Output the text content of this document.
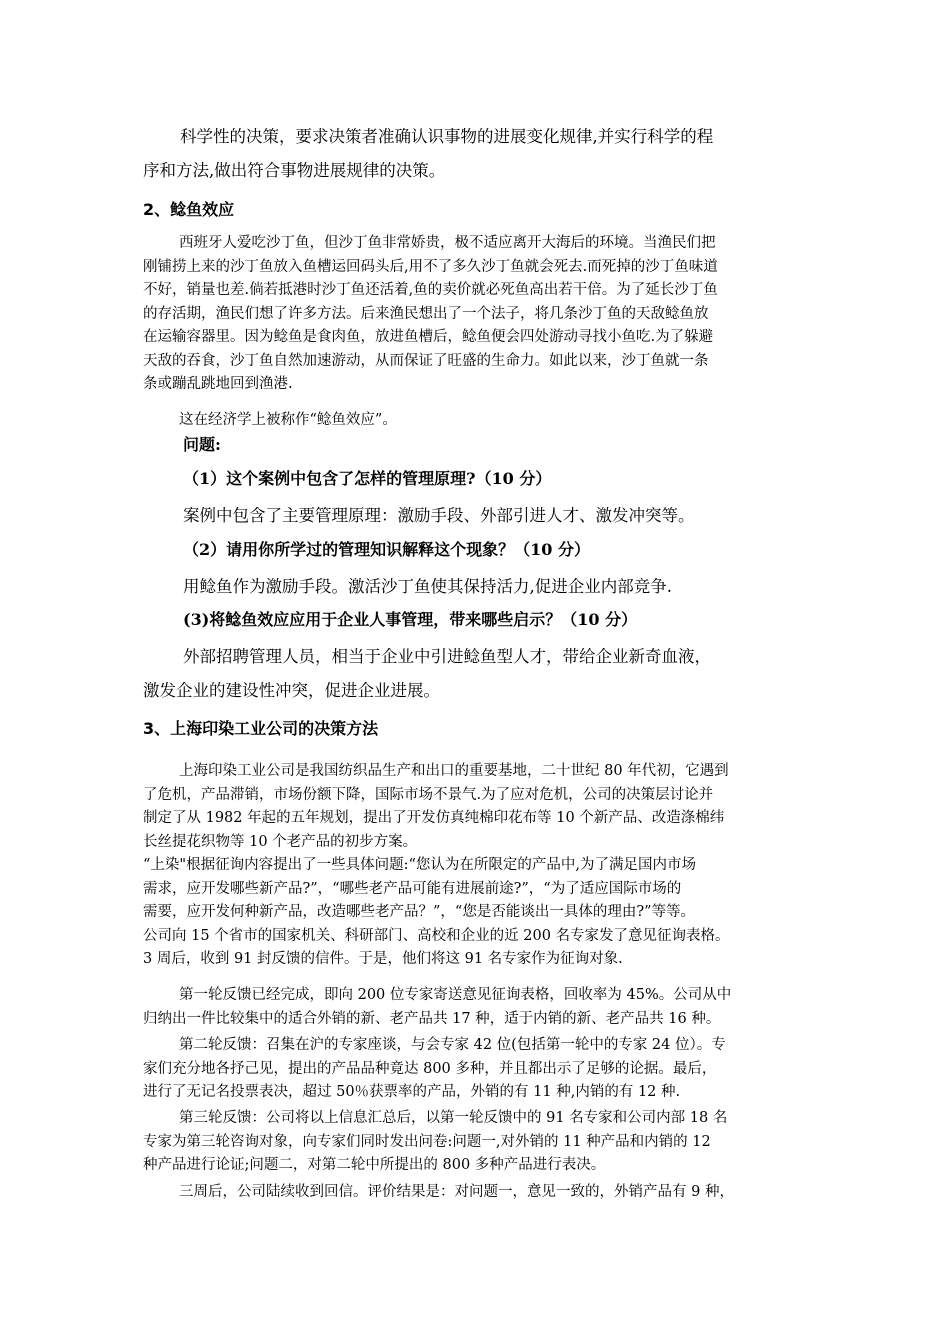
科学性的决策，要求决策者准确认识事物的进展变化规律,并实行科学的程
序和方法,做出符合事物进展规律的决策。
2、鲶鱼效应
西班牙人爱吃沙丁鱼，但沙丁鱼非常娇贵，极不适应离开大海后的环境。当渔民们把
刚铺捞上来的沙丁鱼放入鱼槽运回码头后,用不了多久沙丁鱼就会死去.而死掉的沙丁鱼味道
不好，销量也差.倘若抵港时沙丁鱼还活着,鱼的卖价就必死鱼高出若干倍。为了延长沙丁鱼
的存活期，渔民们想了许多方法。后来渔民想出了一个法子，将几条沙丁鱼的天敌鲶鱼放
在运输容器里。因为鲶鱼是食肉鱼，放进鱼槽后，鲶鱼便会四处游动寻找小鱼吃.为了躲避
天敌的吞食，沙丁鱼自然加速游动，从而保证了旺盛的生命力。如此以来，沙丁鱼就一条
条或蹦乱跳地回到渔港.
这在经济学上被称作“鲶鱼效应”。
问题:
（1）这个案例中包含了怎样的管理原理?（10 分）
案例中包含了主要管理原理：激励手段、外部引进人才、激发冲突等。
（2）请用你所学过的管理知识解释这个现象？（10 分）
用鲶鱼作为激励手段。激活沙丁鱼使其保持活力,促进企业内部竞争.
(3)将鲶鱼效应应用于企业人事管理，带来哪些启示？（10 分）
外部招聘管理人员，相当于企业中引进鲶鱼型人才，带给企业新奇血液，
激发企业的建设性冲突，促进企业进展。
3、上海印染工业公司的决策方法
上海印染工业公司是我国纺织品生产和出口的重要基地，二十世纪 80 年代初，它遇到
了危机，产品滞销，市场份额下降，国际市场不景气.为了应对危机，公司的决策层讨论并
制定了从 1982 年起的五年规划，提出了开发仿真纯棉印花布等 10 个新产品、改造涤棉纬
长丝提花织物等 10 个老产品的初步方案。
“上染"根据征询内容提出了一些具体问题:“您认为在所限定的产品中,为了满足国内市场
需求，应开发哪些新产品?”，“哪些老产品可能有进展前途?”，“为了适应国际市场的
需要，应开发何种新产品，改造哪些老产品？”，“您是否能谈出一具体的理由?”等等。
公司向 15 个省市的国家机关、科研部门、高校和企业的近 200 名专家发了意见征询表格。
3 周后，收到 91 封反馈的信件。于是，他们将这 91 名专家作为征询对象.
第一轮反馈已经完成，即向 200 位专家寄送意见征询表格，回收率为 45%。公司从中
归纳出一件比较集中的适合外销的新、老产品共 17 种，适于内销的新、老产品共 16 种。
第二轮反馈：召集在沪的专家座谈，与会专家 42 位(包括第一轮中的专家 24 位）。专
家们充分地各抒己见，提出的产品品种竟达 800 多种，并且都出示了足够的论据。最后，
进行了无记名投票表决，超过 50％获票率的产品，外销的有 11 种,内销的有 12 种.
第三轮反馈：公司将以上信息汇总后，以第一轮反馈中的 91 名专家和公司内部 18 名
专家为第三轮咨询对象，向专家们同时发出问卷:问题一,对外销的 11 种产品和内销的 12
种产品进行论证;问题二，对第二轮中所提出的 800 多种产品进行表决。
三周后，公司陆续收到回信。评价结果是：对问题一，意见一致的，外销产品有 9 种，
